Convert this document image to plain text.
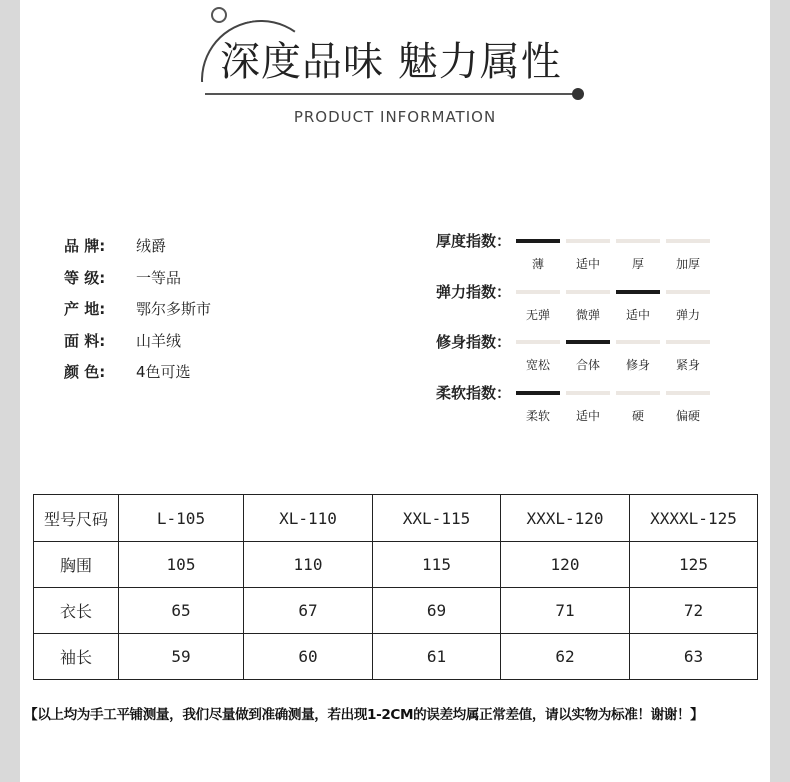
深度品味 魅力属性
PRODUCT INFORMATION
品 牌:	绒爵
等 级:	一等品
产 地:	鄂尔多斯市
面 料:	山羊绒
颜 色:	4色可选
厚度指数：
薄	适中	厚	加厚
弹力指数：
无弹	微弹	适中	弹力
修身指数：
宽松	合体	修身	紧身
柔软指数：
柔软	适中	硬	偏硬
型号尺码	L-105	XL-110	XXL-115	XXXL-120	XXXXL-125
胸围	105	110	115	120	125
衣长	65	67	69	71	72
袖长	59	60	61	62	63
【以上均为手工平铺测量，我们尽量做到准确测量，若出现1-2CM的误差均属正常差值，请以实物为标准！谢谢！】
